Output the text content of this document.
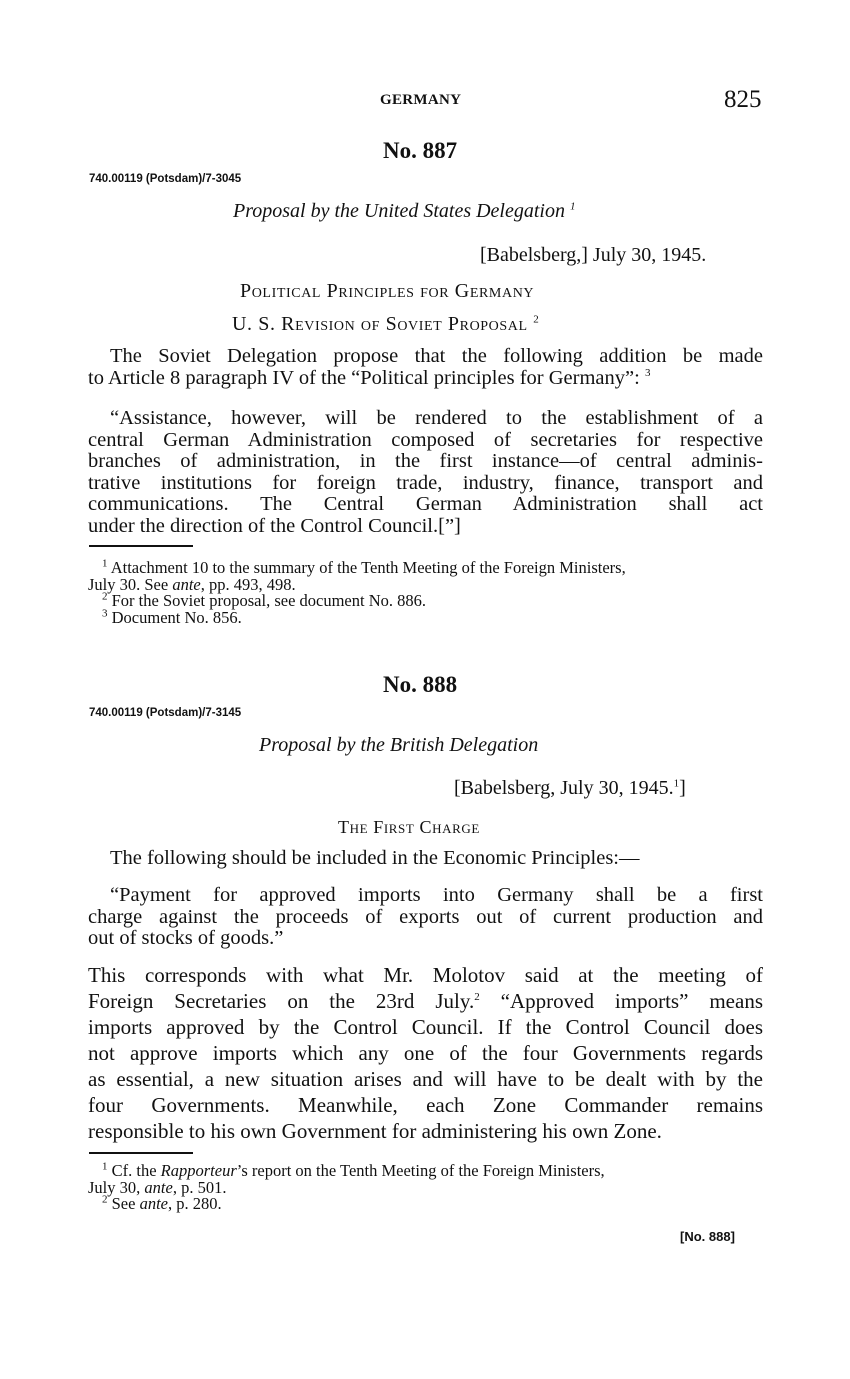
GERMANY	825
No. 887
740.00119 (Potsdam)/7-3045
Proposal by the United States Delegation $^1$
[Babelsberg,] July 30, 1945.
Political Principles for Germany
U. S. Revision of Soviet Proposal $^2$
The Soviet Delegation propose that the following addition be made
to Article 8 paragraph IV of the “Political principles for Germany”: $^3$
“Assistance, however, will be rendered to the establishment of a
central German Administration composed of secretaries for respective
branches of administration, in the first instance—of central adminis-
trative institutions for foreign trade, industry, finance, transport and
communications. The Central German Administration shall act
under the direction of the Control Council.[”]
$^1$ Attachment 10 to the summary of the Tenth Meeting of the Foreign Ministers,
July 30. See ante, pp. 493, 498.
$^2$ For the Soviet proposal, see document No. 886.
$^3$ Document No. 856.
No. 888
740.00119 (Potsdam)/7-3145
Proposal by the British Delegation
[Babelsberg, July 30, 1945.$^1$]
The First Charge
The following should be included in the Economic Principles:—
“Payment for approved imports into Germany shall be a first
charge against the proceeds of exports out of current production and
out of stocks of goods.”
This corresponds with what Mr. Molotov said at the meeting of
Foreign Secretaries on the 23rd July.$^2$ “Approved imports” means
imports approved by the Control Council. If the Control Council does
not approve imports which any one of the four Governments regards
as essential, a new situation arises and will have to be dealt with by the
four Governments. Meanwhile, each Zone Commander remains
responsible to his own Government for administering his own Zone.
$^1$ Cf. the Rapporteur’s report on the Tenth Meeting of the Foreign Ministers,
July 30, ante, p. 501.
$^2$ See ante, p. 280.
[No. 888]
